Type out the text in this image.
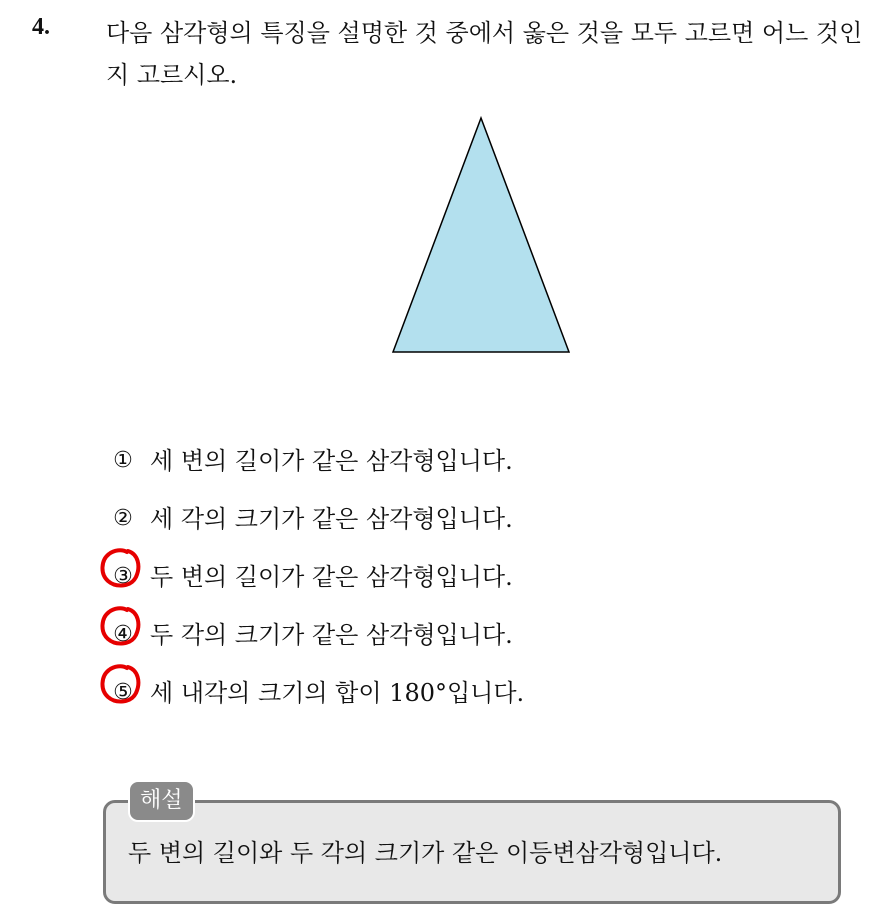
4. 다음 삼각형의 특징을 설명한 것 중에서 옳은 것을 모두 고르면 어느 것인지 고르시오.
① 세 변의 길이가 같은 삼각형입니다.
② 세 각의 크기가 같은 삼각형입니다.
③ 두 변의 길이가 같은 삼각형입니다.
④ 두 각의 크기가 같은 삼각형입니다.
⑤ 세 내각의 크기의 합이 180°입니다.
두 변의 길이와 두 각의 크기가 같은 이등변삼각형입니다.
해설
